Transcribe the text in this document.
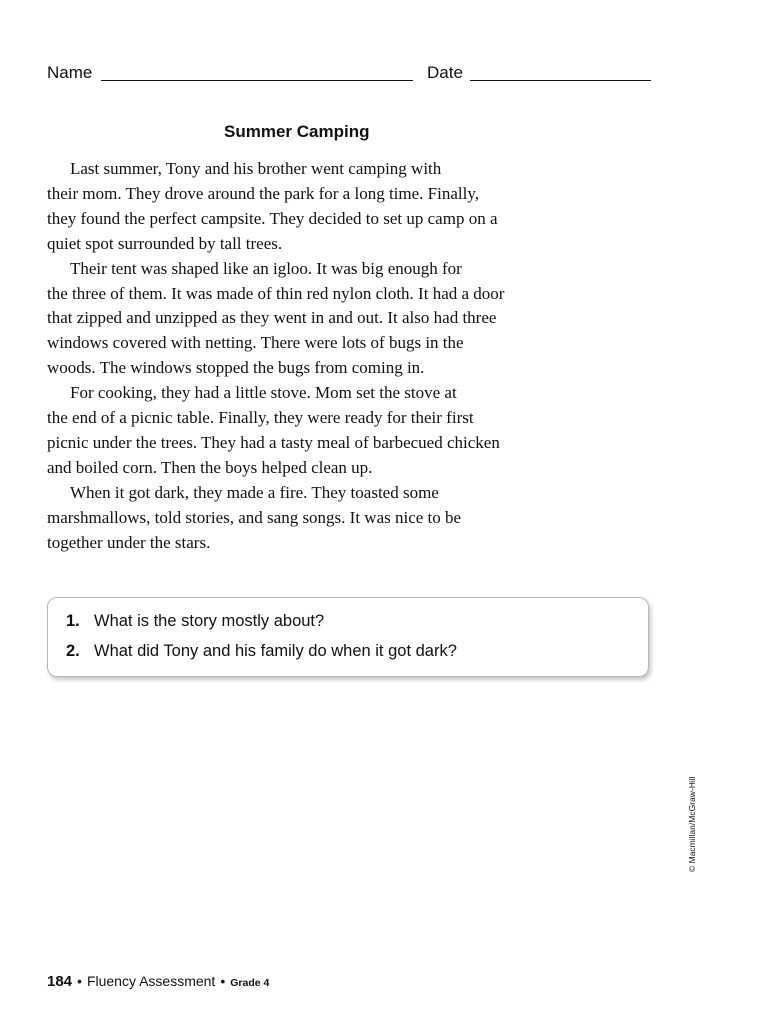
Name	Date
Summer Camping
Last summer, Tony and his brother went camping with
their mom. They drove around the park for a long time. Finally,
they found the perfect campsite. They decided to set up camp on a
quiet spot surrounded by tall trees.
Their tent was shaped like an igloo. It was big enough for
the three of them. It was made of thin red nylon cloth. It had a door
that zipped and unzipped as they went in and out. It also had three
windows covered with netting. There were lots of bugs in the
woods. The windows stopped the bugs from coming in.
For cooking, they had a little stove. Mom set the stove at
the end of a picnic table. Finally, they were ready for their first
picnic under the trees. They had a tasty meal of barbecued chicken
and boiled corn. Then the boys helped clean up.
When it got dark, they made a fire. They toasted some
marshmallows, told stories, and sang songs. It was nice to be
together under the stars.
1. What is the story mostly about?
2. What did Tony and his family do when it got dark?
© Macmillan/McGraw-Hill
184 • Fluency Assessment • Grade 4
